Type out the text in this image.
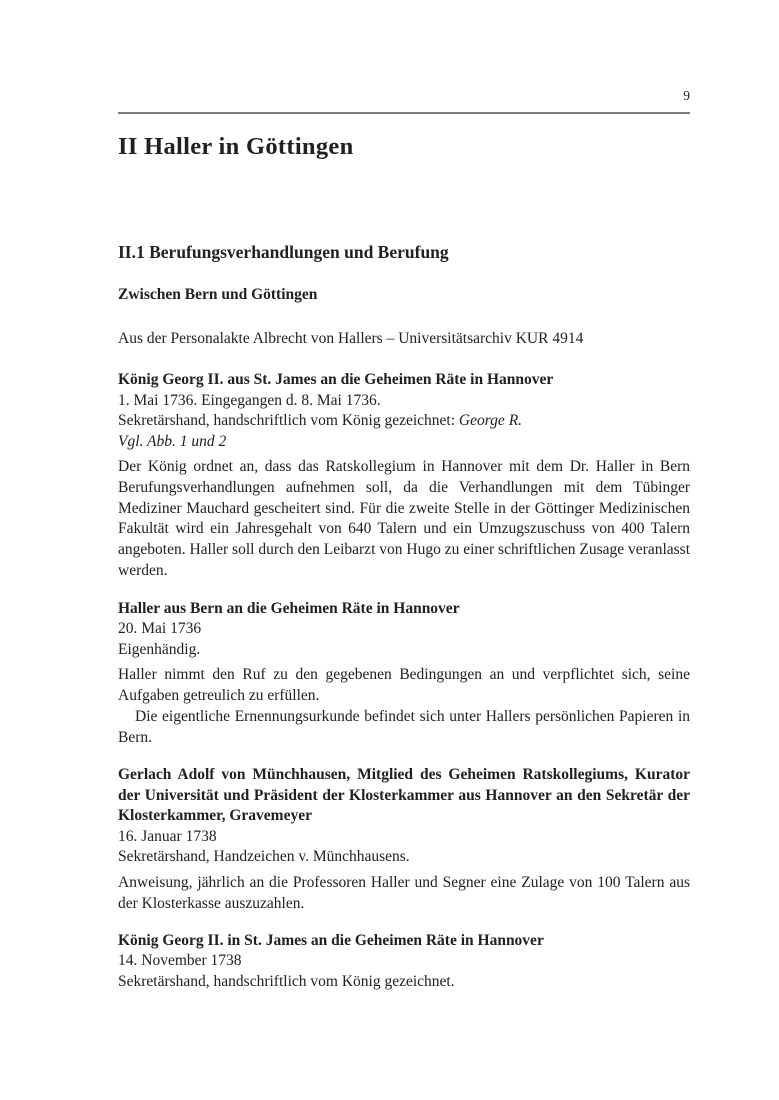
9
II Haller in Göttingen
II.1 Berufungsverhandlungen und Berufung
Zwischen Bern und Göttingen

Aus der Personalakte Albrecht von Hallers – Universitätsarchiv KUR 4914

König Georg II. aus St. James an die Geheimen Räte in Hannover

1. Mai 1736. Eingegangen d. 8. Mai 1736.

Sekretärshand, handschriftlich vom König gezeichnet: George R.

Vgl. Abb. 1 und 2

Der König ordnet an, dass das Ratskollegium in Hannover mit dem Dr. Haller in Bern Berufungsverhandlungen aufnehmen soll, da die Verhandlungen mit dem Tübinger Mediziner Mauchard gescheitert sind. Für die zweite Stelle in der Göttinger Medizinischen Fakultät wird ein Jahresgehalt von 640 Talern und ein Umzugszuschuss von 400 Talern angeboten. Haller soll durch den Leibarzt von Hugo zu einer schriftlichen Zusage veranlasst werden.

Haller aus Bern an die Geheimen Räte in Hannover

20. Mai 1736

Eigenhändig.

Haller nimmt den Ruf zu den gegebenen Bedingungen an und verpflichtet sich, seine Aufgaben getreulich zu erfüllen.

Die eigentliche Ernennungsurkunde befindet sich unter Hallers persönlichen Papieren in Bern.

Gerlach Adolf von Münchhausen, Mitglied des Geheimen Ratskollegiums, Kurator der Universität und Präsident der Klosterkammer aus Hannover an den Sekretär der Klosterkammer, Gravemeyer

16. Januar 1738

Sekretärshand, Handzeichen v. Münchhausens.

Anweisung, jährlich an die Professoren Haller und Segner eine Zulage von 100 Talern aus der Klosterkasse auszuzahlen.

König Georg II. in St. James an die Geheimen Räte in Hannover

14. November 1738

Sekretärshand, handschriftlich vom König gezeichnet.
